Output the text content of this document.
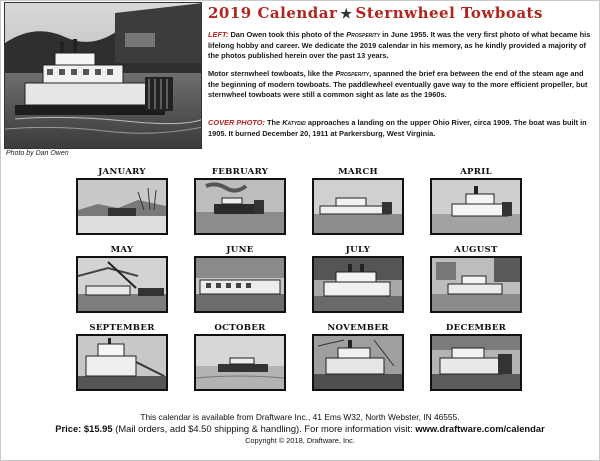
Photo by Dan Owen
2019 Calendar ★ Sternwheel Towboats

LEFT: Dan Owen took this photo of the Prosperity in June 1955. It was the very first photo of what became his lifelong hobby and career. We dedicate the 2019 calendar in his memory, as he kindly provided a majority of the photos published herein over the past 13 years.

Motor sternwheel towboats, like the Prosperity, spanned the brief era between the end of the steam age and the beginning of modern towboats. The paddlewheel eventually gave way to the more efficient propeller, but sternwheel towboats were still a common sight as late as the 1960s.

COVER PHOTO: The Katydid approaches a landing on the upper Ohio River, circa 1909. The boat was built in 1905. It burned December 20, 1911 at Parkersburg, West Virginia.

JANUARY	FEBRUARY	MARCH	APRIL
MAY	JUNE	JULY	AUGUST
SEPTEMBER	OCTOBER	NOVEMBER	DECEMBER
This calendar is available from Draftware Inc., 41 Ems W32, North Webster, IN 46555.
Price: $15.95 (Mail orders, add $4.50 shipping & handling). For more information visit: www.draftware.com/calendar
Copyright © 2018, Draftware, Inc.
